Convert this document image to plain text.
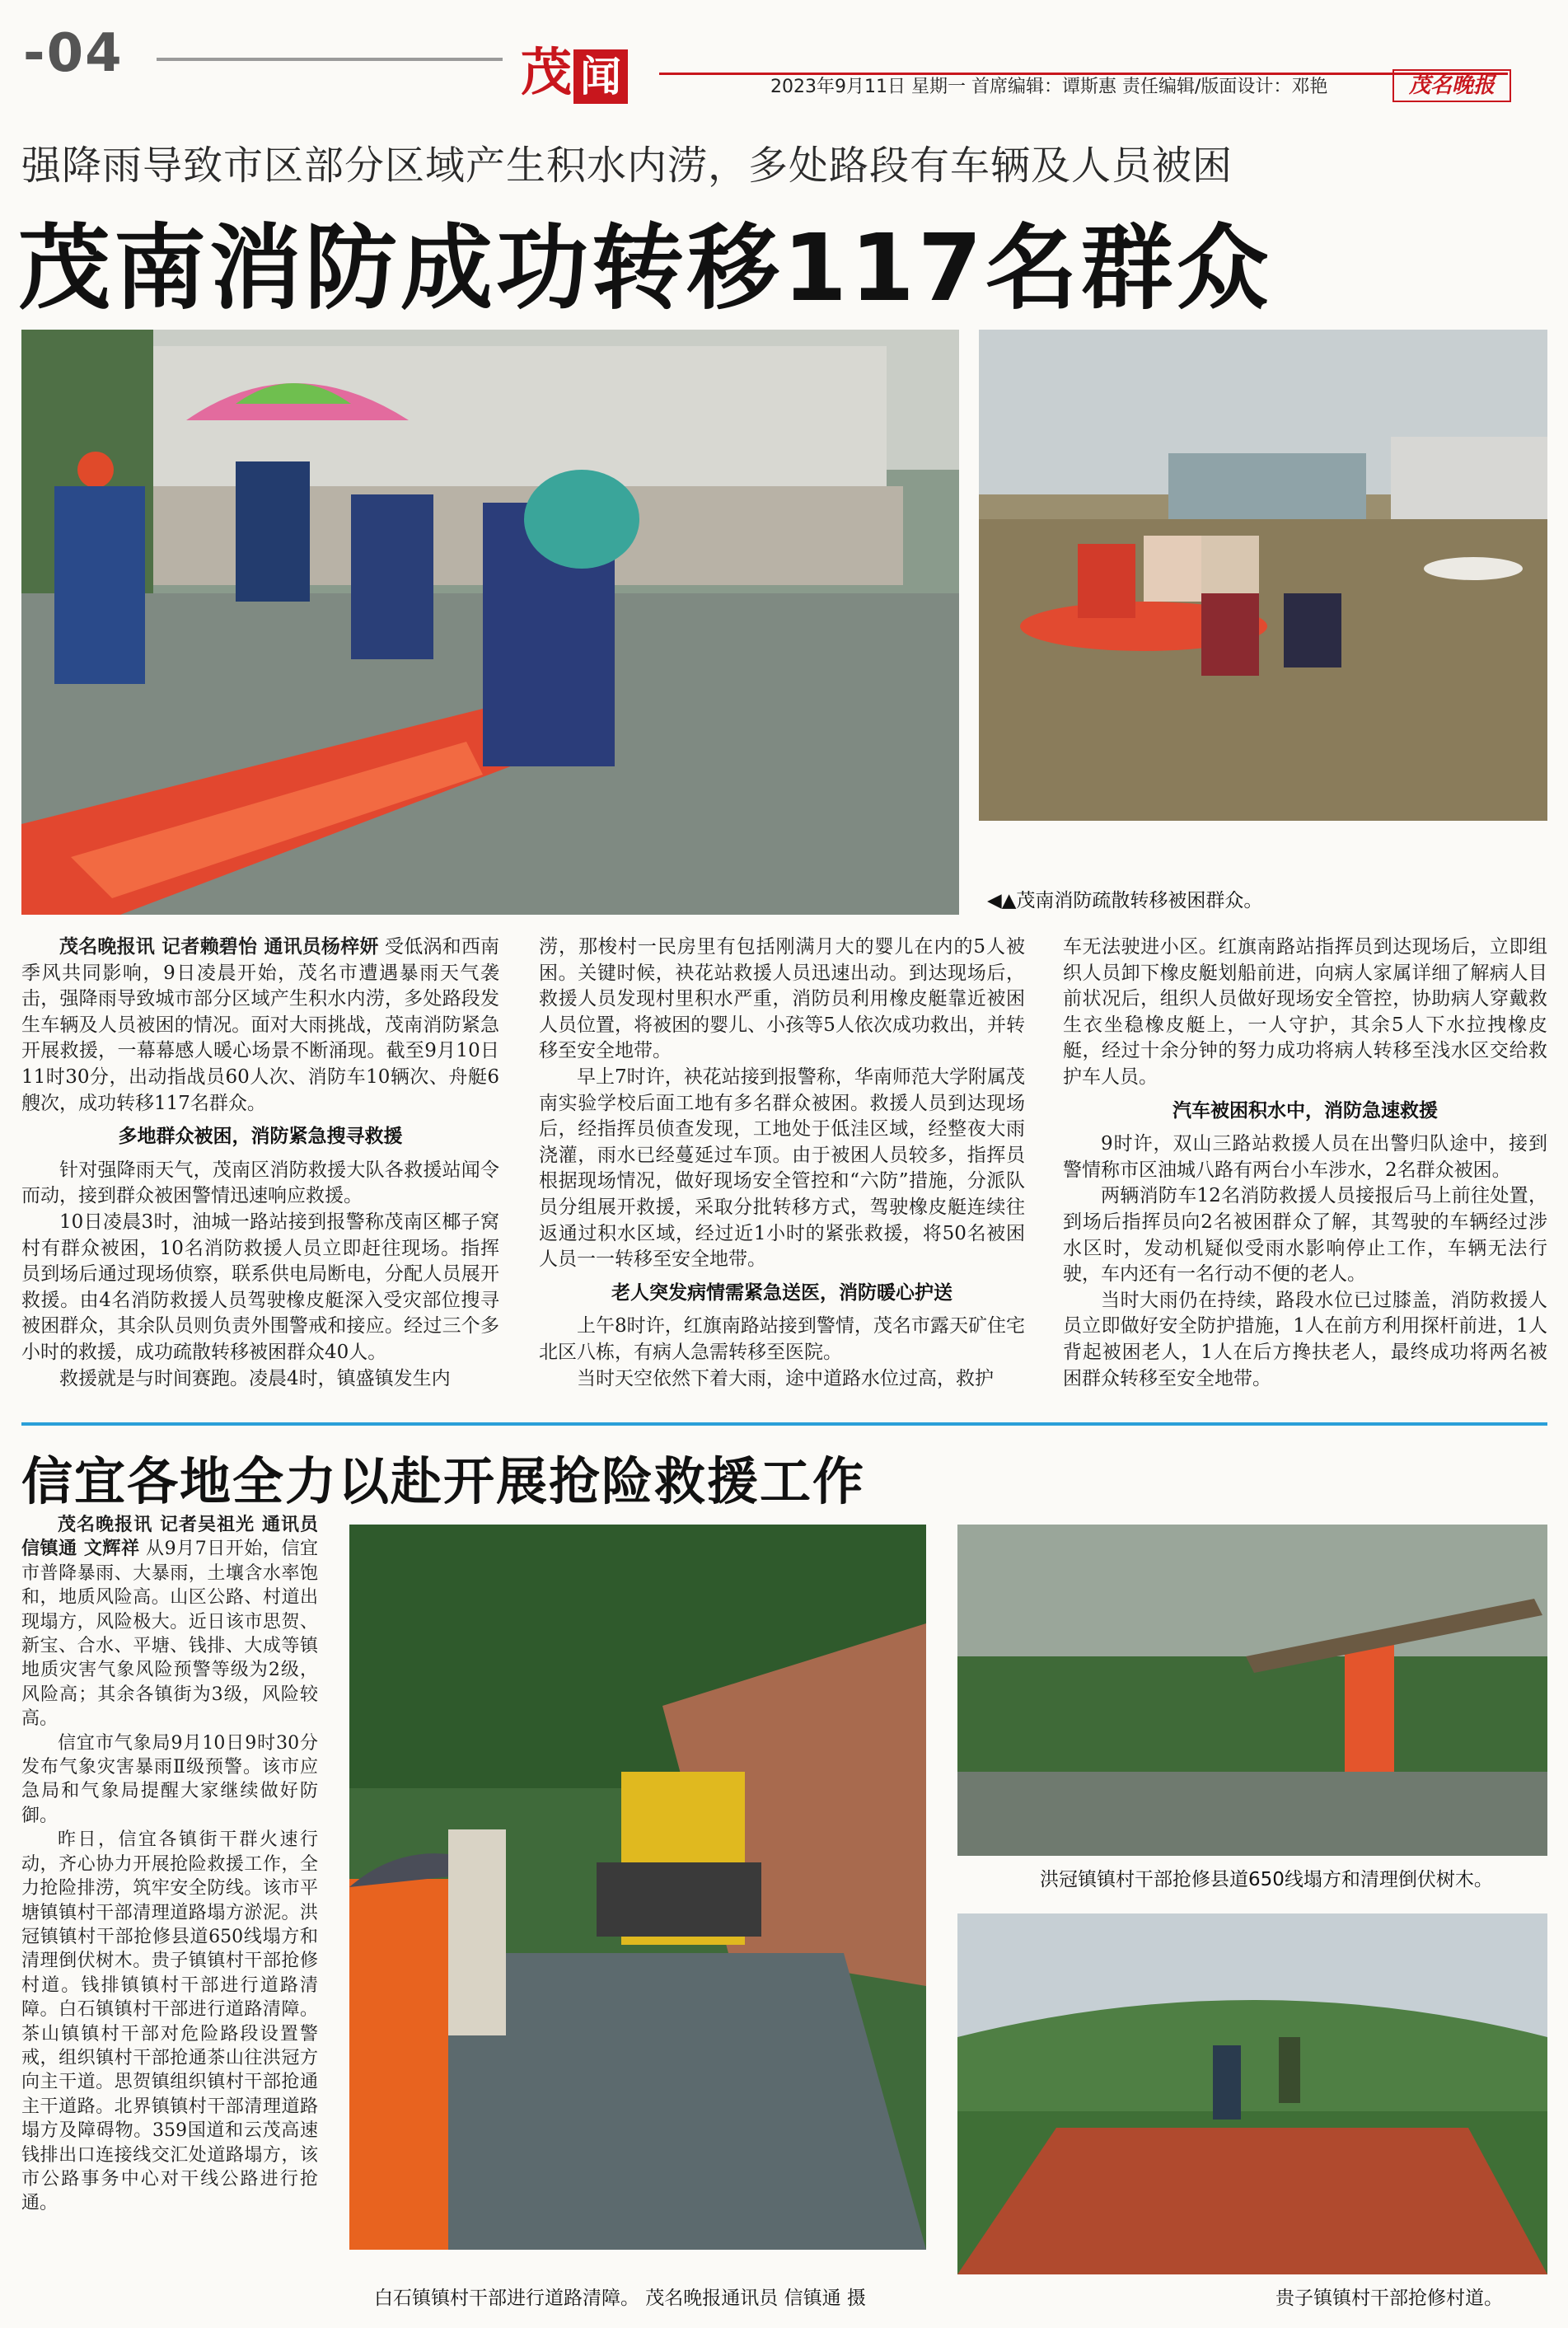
-04	茂 闻	2023年9月11日 星期一 首席编辑：谭斯惠 责任编辑/版面设计：邓艳	茂名晚报
强降雨导致市区部分区域产生积水内涝，多处路段有车辆及人员被困
茂南消防成功转移117名群众
◀▲茂南消防疏散转移被困群众。

茂名晚报讯 记者赖碧怡 通讯员杨梓妍 受低涡和西南季风共同影响，9日凌晨开始，茂名市遭遇暴雨天气袭击，强降雨导致城市部分区域产生积水内涝，多处路段发生车辆及人员被困的情况。面对大雨挑战，茂南消防紧急开展救援，一幕幕感人暖心场景不断涌现。截至9月10日11时30分，出动指战员60人次、消防车10辆次、舟艇6艘次，成功转移117名群众。

多地群众被困，消防紧急搜寻救援

针对强降雨天气，茂南区消防救援大队各救援站闻令而动，接到群众被困警情迅速响应救援。

10日凌晨3时，油城一路站接到报警称茂南区椰子窝村有群众被困，10名消防救援人员立即赶往现场。指挥员到场后通过现场侦察，联系供电局断电，分配人员展开救援。由4名消防救援人员驾驶橡皮艇深入受灾部位搜寻被困群众，其余队员则负责外围警戒和接应。经过三个多小时的救援，成功疏散转移被困群众40人。

救援就是与时间赛跑。凌晨4时，镇盛镇发生内

涝，那梭村一民房里有包括刚满月大的婴儿在内的5人被困。关键时候，袂花站救援人员迅速出动。到达现场后，救援人员发现村里积水严重，消防员利用橡皮艇靠近被困人员位置，将被困的婴儿、小孩等5人依次成功救出，并转移至安全地带。

早上7时许，袂花站接到报警称，华南师范大学附属茂南实验学校后面工地有多名群众被困。救援人员到达现场后，经指挥员侦查发现，工地处于低洼区域，经整夜大雨浇灌，雨水已经蔓延过车顶。由于被困人员较多，指挥员根据现场情况，做好现场安全管控和“六防”措施，分派队员分组展开救援，采取分批转移方式，驾驶橡皮艇连续往返通过积水区域，经过近1小时的紧张救援，将50名被困人员一一转移至安全地带。

老人突发病情需紧急送医，消防暖心护送

上午8时许，红旗南路站接到警情，茂名市露天矿住宅北区八栋，有病人急需转移至医院。

当时天空依然下着大雨，途中道路水位过高，救护

车无法驶进小区。红旗南路站指挥员到达现场后，立即组织人员卸下橡皮艇划船前进，向病人家属详细了解病人目前状况后，组织人员做好现场安全管控，协助病人穿戴救生衣坐稳橡皮艇上，一人守护，其余5人下水拉拽橡皮艇，经过十余分钟的努力成功将病人转移至浅水区交给救护车人员。

汽车被困积水中，消防急速救援

9时许，双山三路站救援人员在出警归队途中，接到警情称市区油城八路有两台小车涉水，2名群众被困。

两辆消防车12名消防救援人员接报后马上前往处置，到场后指挥员向2名被困群众了解，其驾驶的车辆经过涉水区时，发动机疑似受雨水影响停止工作，车辆无法行驶，车内还有一名行动不便的老人。

当时大雨仍在持续，路段水位已过膝盖，消防救援人员立即做好安全防护措施，1人在前方利用探杆前进，1人背起被困老人，1人在后方搀扶老人，最终成功将两名被困群众转移至安全地带。

信宜各地全力以赴开展抢险救援工作

茂名晚报讯 记者吴祖光 通讯员信镇通 文辉祥 从9月7日开始，信宜市普降暴雨、大暴雨，土壤含水率饱和，地质风险高。山区公路、村道出现塌方，风险极大。近日该市思贺、新宝、合水、平塘、钱排、大成等镇地质灾害气象风险预警等级为2级，风险高；其余各镇街为3级，风险较高。

信宜市气象局9月10日9时30分发布气象灾害暴雨Ⅱ级预警。该市应急局和气象局提醒大家继续做好防御。

昨日，信宜各镇街干群火速行动，齐心协力开展抢险救援工作，全力抢险排涝，筑牢安全防线。该市平塘镇镇村干部清理道路塌方淤泥。洪冠镇镇村干部抢修县道650线塌方和清理倒伏树木。贵子镇镇村干部抢修村道。钱排镇镇村干部进行道路清障。白石镇镇村干部进行道路清障。茶山镇镇村干部对危险路段设置警戒，组织镇村干部抢通茶山往洪冠方向主干道。思贺镇组织镇村干部抢通主干道路。北界镇镇村干部清理道路塌方及障碍物。359国道和云茂高速钱排出口连接线交汇处道路塌方，该市公路事务中心对干线公路进行抢通。

洪冠镇镇村干部抢修县道650线塌方和清理倒伏树木。
白石镇镇村干部进行道路清障。 茂名晚报通讯员 信镇通 摄	贵子镇镇村干部抢修村道。
